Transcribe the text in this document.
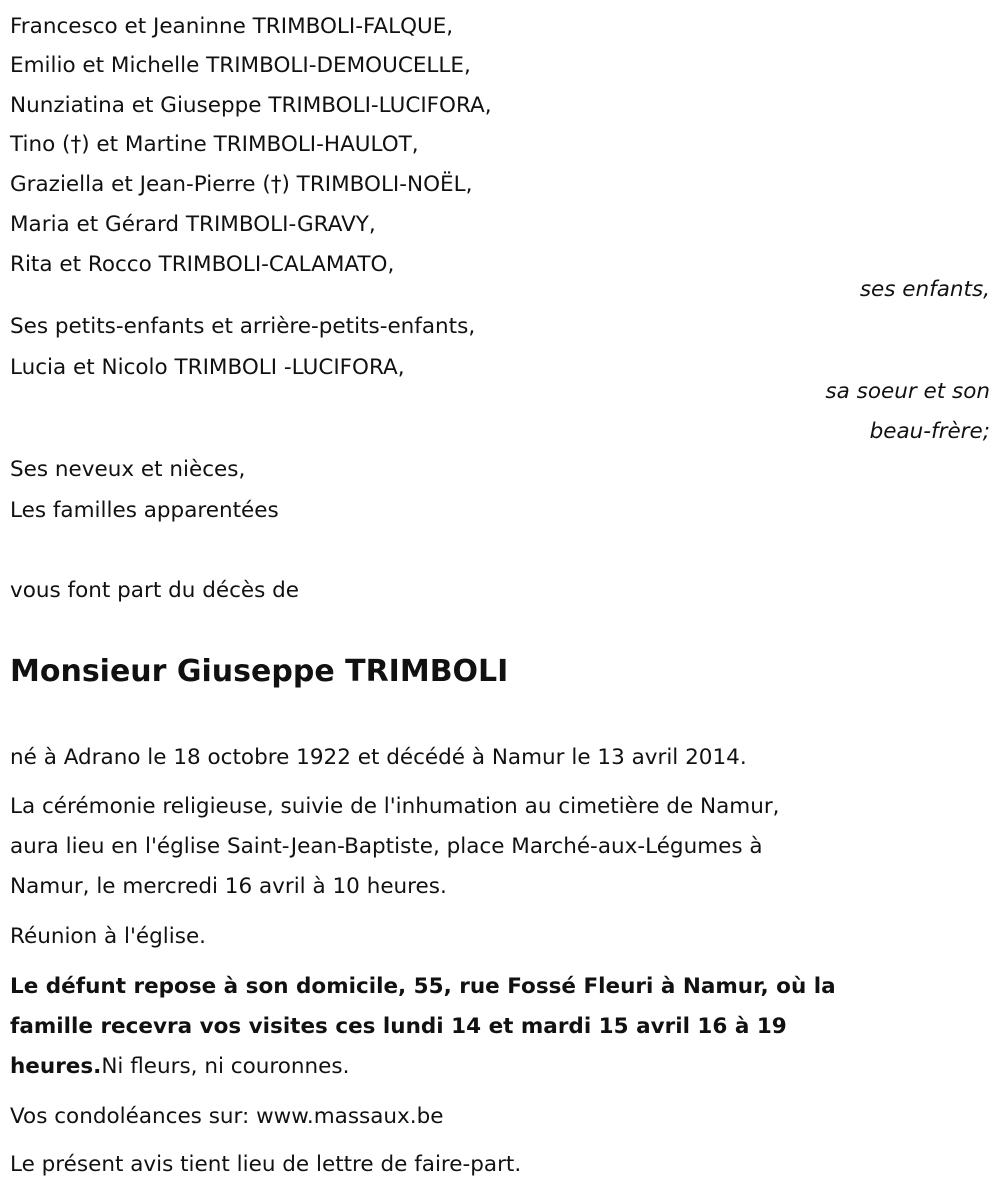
Francesco et Jeaninne TRIMBOLI-FALQUE,
Emilio et Michelle TRIMBOLI-DEMOUCELLE,
Nunziatina et Giuseppe TRIMBOLI-LUCIFORA,
Tino (†) et Martine TRIMBOLI-HAULOT,
Graziella et Jean-Pierre (†) TRIMBOLI-NOËL,
Maria et Gérard TRIMBOLI-GRAVY,
Rita et Rocco TRIMBOLI-CALAMATO,
ses enfants,
Ses petits-enfants et arrière-petits-enfants,
Lucia et Nicolo TRIMBOLI -LUCIFORA,
sa soeur et son
beau-frère;
Ses neveux et nièces,
Les familles apparentées
vous font part du décès de
Monsieur Giuseppe TRIMBOLI
né à Adrano le 18 octobre 1922 et décédé à Namur le 13 avril 2014.
La cérémonie religieuse, suivie de l'inhumation au cimetière de Namur,
aura lieu en l'église Saint-Jean-Baptiste, place Marché-aux-Légumes à
Namur, le mercredi 16 avril à 10 heures.
Réunion à l'église.
Le défunt repose à son domicile, 55, rue Fossé Fleuri à Namur, où la
famille recevra vos visites ces lundi 14 et mardi 15 avril 16 à 19
heures.Ni fleurs, ni couronnes.
Vos condoléances sur: www.massaux.be
Le présent avis tient lieu de lettre de faire-part.
